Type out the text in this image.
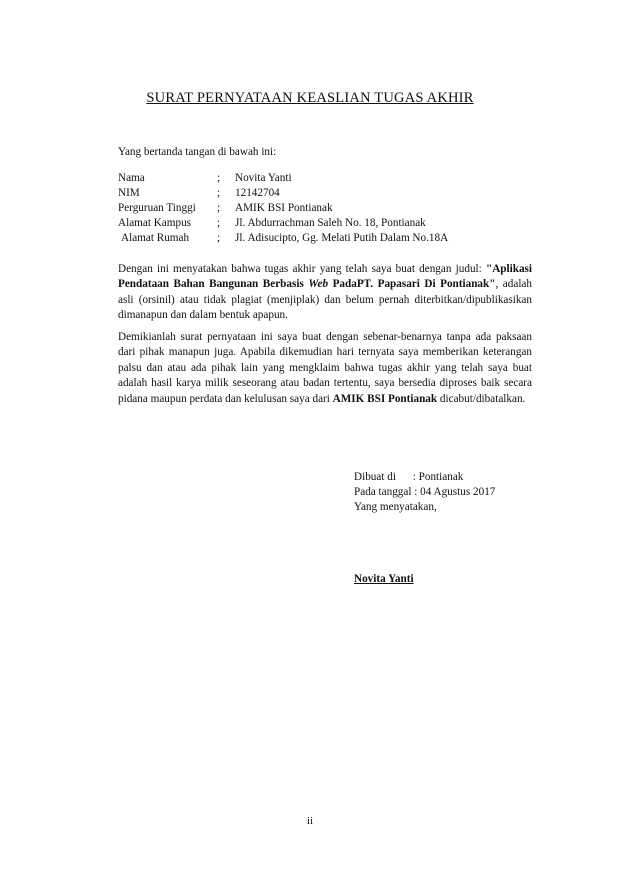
SURAT PERNYATAAN KEASLIAN TUGAS AKHIR
Yang bertanda tangan di bawah ini:
Nama	;	Novita Yanti
NIM	;	12142704
Perguruan Tinggi	;	AMIK BSI Pontianak
Alamat Kampus	;	Jl. Abdurrachman Saleh No. 18, Pontianak
Alamat Rumah	;	Jl. Adisucipto, Gg. Melati Putih Dalam No.18A
Dengan ini menyatakan bahwa tugas akhir yang telah saya buat dengan judul: "Aplikasi Pendataan Bahan Bangunan Berbasis Web PadaPT. Papasari Di Pontianak", adalah asli (orsinil) atau tidak plagiat (menjiplak) dan belum pernah diterbitkan/dipublikasikan dimanapun dan dalam bentuk apapun.
Demikianlah surat pernyataan ini saya buat dengan sebenar-benarnya tanpa ada paksaan dari pihak manapun juga. Apabila dikemudian hari ternyata saya memberikan keterangan palsu dan atau ada pihak lain yang mengklaim bahwa tugas akhir yang telah saya buat adalah hasil karya milik seseorang atau badan tertentu, saya bersedia diproses baik secara pidana maupun perdata dan kelulusan saya dari AMIK BSI Pontianak dicabut/dibatalkan.
Dibuat di      : Pontianak
Pada tanggal : 04 Agustus 2017
Yang menyatakan,
Novita Yanti
ii
